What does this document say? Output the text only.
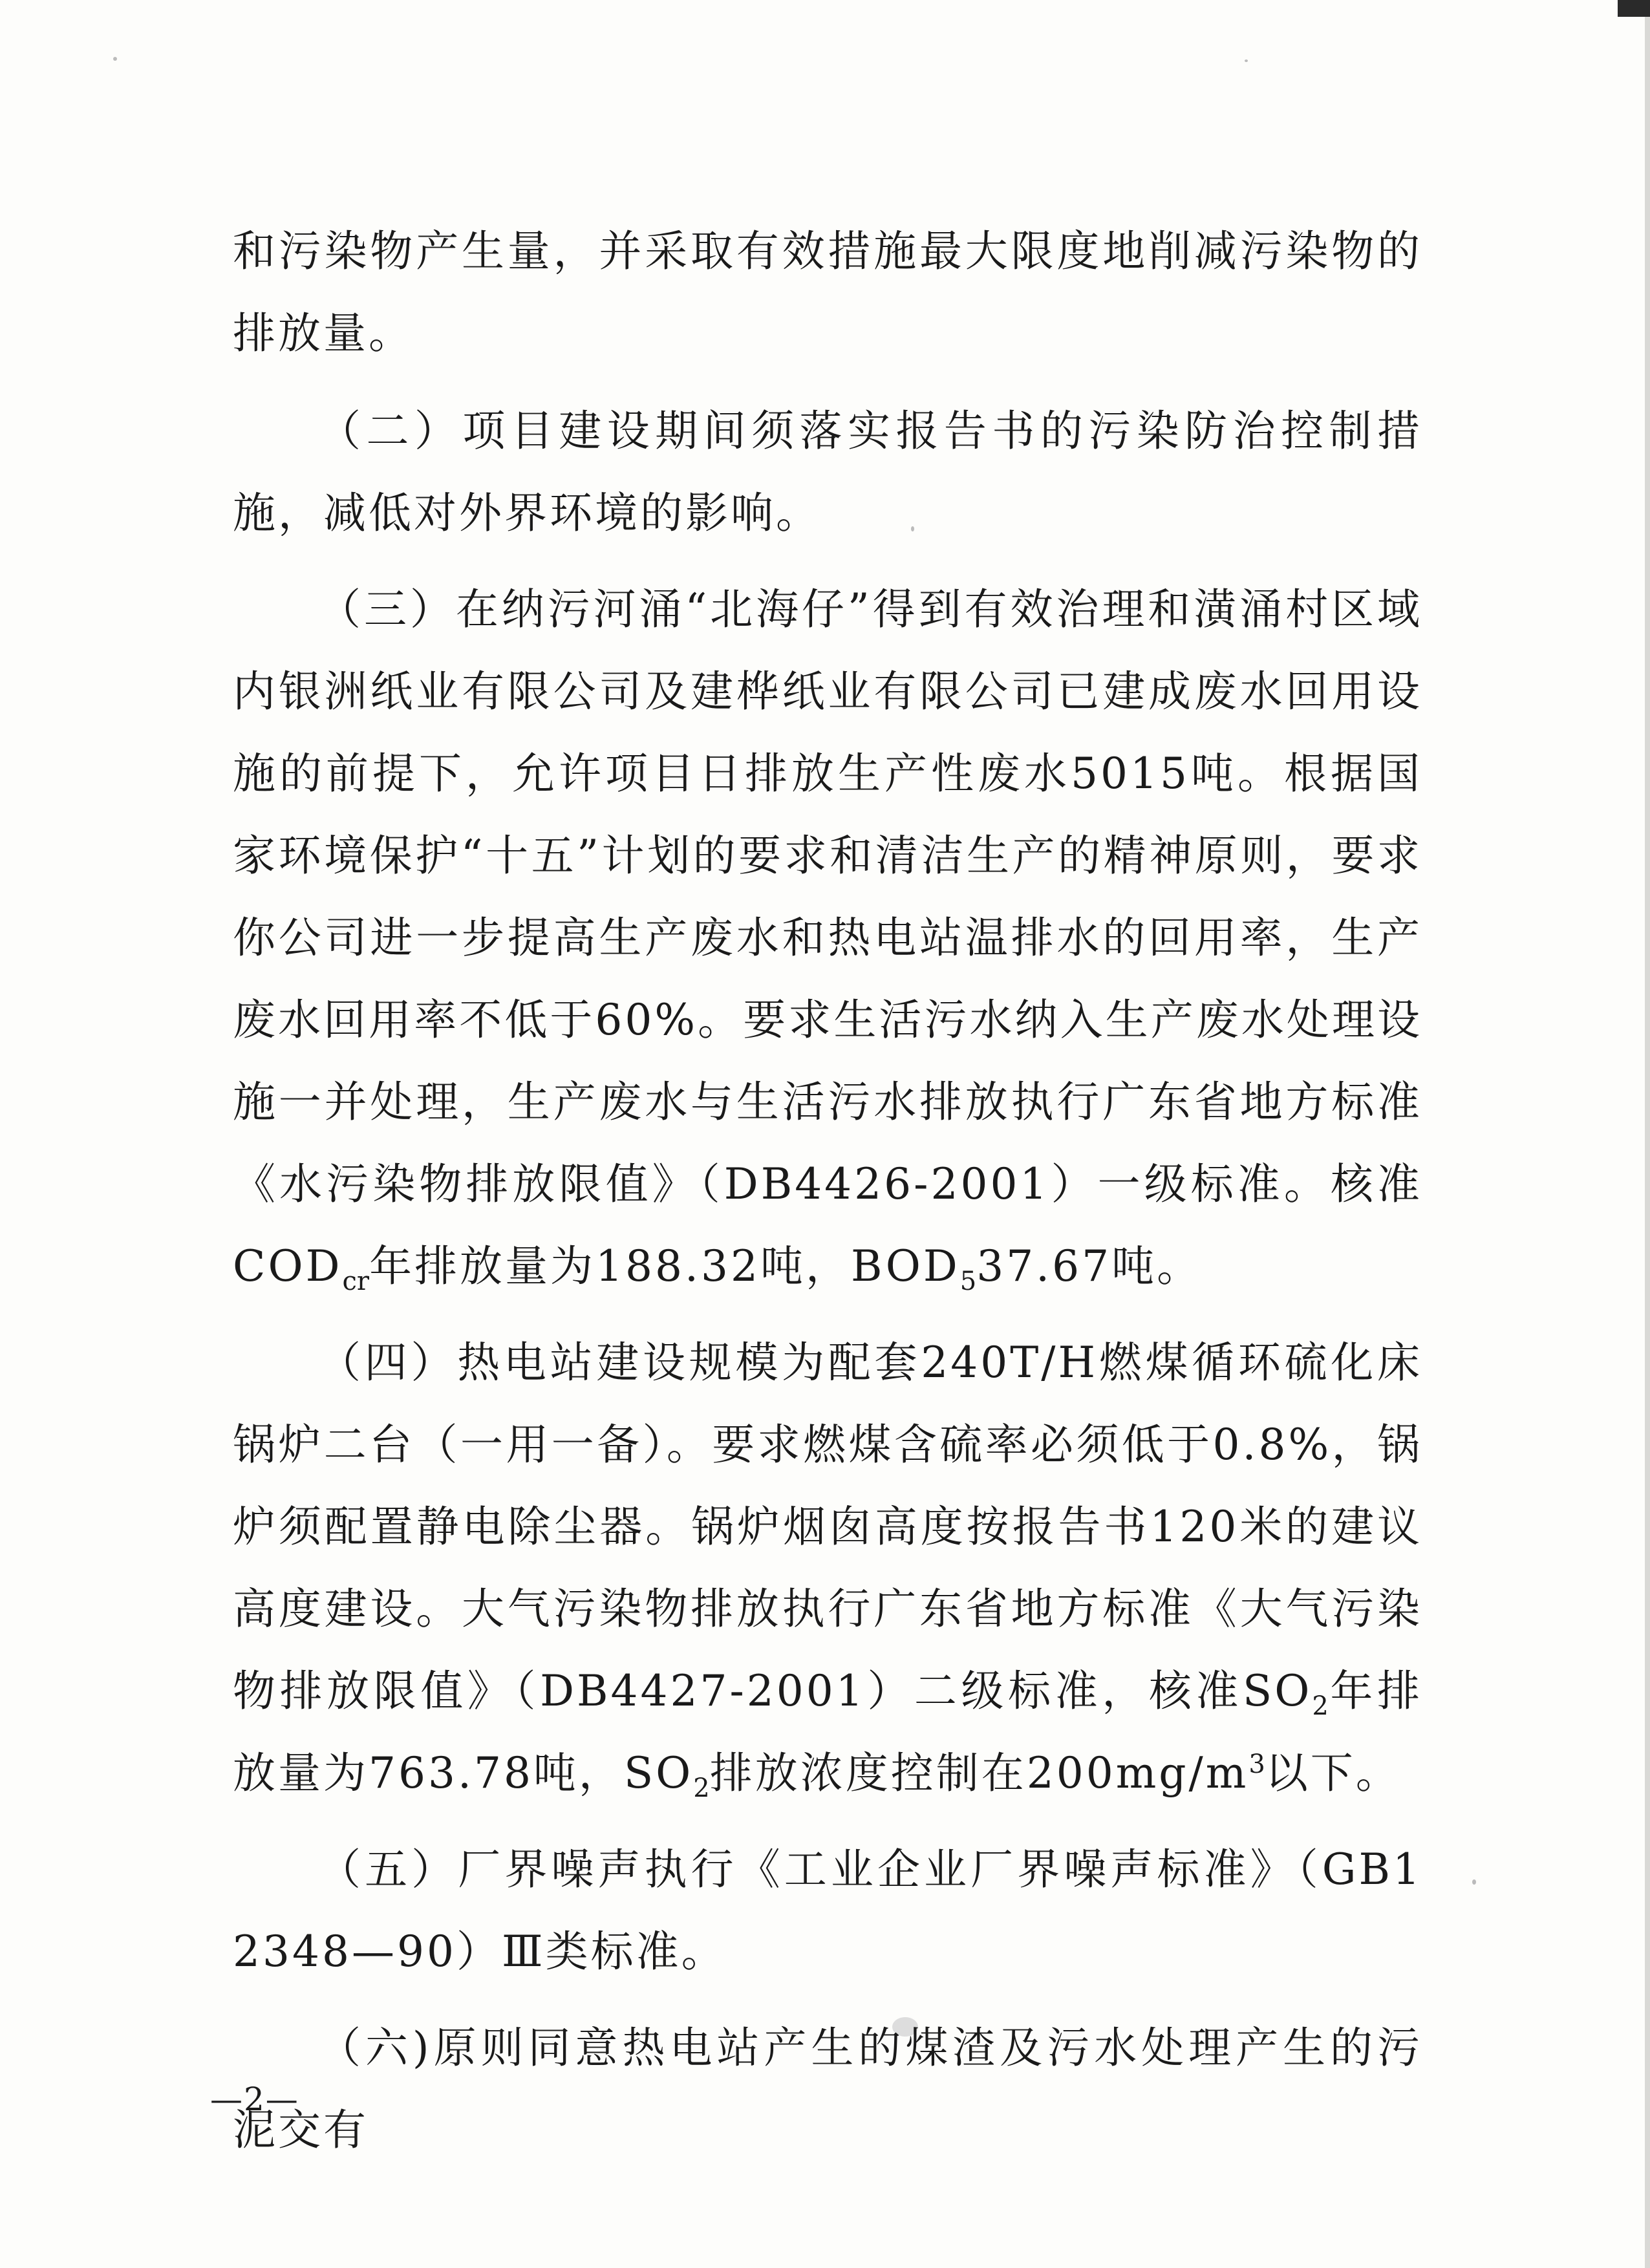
和污染物产生量，并采取有效措施最大限度地削减污染物的排放量。

（二）项目建设期间须落实报告书的污染防治控制措施，减低对外界环境的影响。

（三）在纳污河涌“北海仔”得到有效治理和潢涌村区域内银洲纸业有限公司及建桦纸业有限公司已建成废水回用设施的前提下，允许项目日排放生产性废水5015吨。根据国家环境保护“十五”计划的要求和清洁生产的精神原则，要求你公司进一步提高生产废水和热电站温排水的回用率，生产废水回用率不低于60%。要求生活污水纳入生产废水处理设施一并处理，生产废水与生活污水排放执行广东省地方标准《水污染物排放限值》（DB4426-2001）一级标准。核准$COD_{cr}$年排放量为188.32吨，$BOD_537.67$吨。

（四）热电站建设规模为配套240T/H燃煤循环硫化床锅炉二台（一用一备）。要求燃煤含硫率必须低于0.8%，锅炉须配置静电除尘器。锅炉烟囱高度按报告书120米的建议高度建设。大气污染物排放执行广东省地方标准《大气污染物排放限值》（DB4427-2001）二级标准，核准$SO_2$年排放量为763.78吨，$SO_2$排放浓度控制在$200mg/m^3$以下。

（五）厂界噪声执行《工业企业厂界噪声标准》（GB12348—90）Ⅲ类标准。

（六)原则同意热电站产生的煤渣及污水处理产生的污泥交有

—2—
